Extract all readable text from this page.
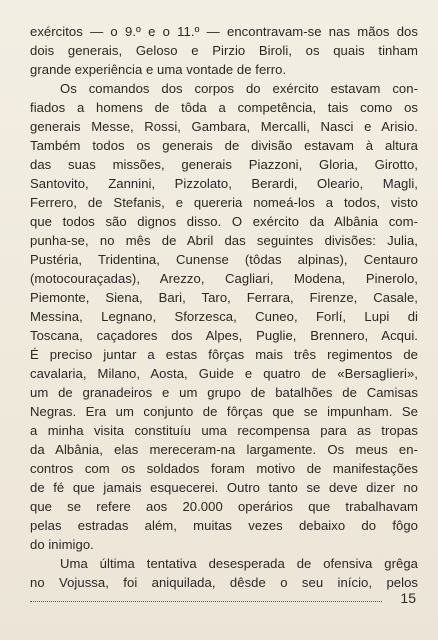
exércitos — o 9.º e o 11.º — encontravam-se nas mãos dos
dois generais, Geloso e Pirzio Biroli, os quais tinham
grande experiência e uma vontade de ferro.
Os comandos dos corpos do exército estavam con-
fiados a homens de tôda a competência, tais como os
generais Messe, Rossi, Gambara, Mercalli, Nasci e Arisio.
Também todos os generais de divisão estavam à altura
das suas missões, generais Piazzoni, Gloria, Girotto,
Santovito, Zannini, Pizzolato, Berardi, Oleario, Magli,
Ferrero, de Stefanis, e quereria nomeá-los a todos, visto
que todos são dignos disso. O exército da Albânia com-
punha-se, no mês de Abril das seguintes divisões: Julia,
Pustéria, Tridentina, Cunense (tôdas alpinas), Centauro
(motocouraçadas), Arezzo, Cagliari, Modena, Pinerolo,
Piemonte, Siena, Bari, Taro, Ferrara, Firenze, Casale,
Messina, Legnano, Sforzesca, Cuneo, Forlí, Lupi di
Toscana, caçadores dos Alpes, Puglie, Brennero, Acqui.
É preciso juntar a estas fôrças mais três regimentos de
cavalaria, Milano, Aosta, Guide e quatro de «Bersaglieri»,
um de granadeiros e um grupo de batalhões de Camisas
Negras. Era um conjunto de fôrças que se impunham. Se
a minha visita constituíu uma recompensa para as tropas
da Albânia, elas mereceram-na largamente. Os meus en-
contros com os soldados foram motivo de manifestações
de fé que jamais esquecerei. Outro tanto se deve dizer no
que se refere aos 20.000 operários que trabalhavam
pelas estradas além, muitas vezes debaixo do fôgo
do inimigo.
Uma última tentativa desesperada de ofensiva grêga
no Vojussa, foi aniquilada, dêsde o seu início, pelos
15
